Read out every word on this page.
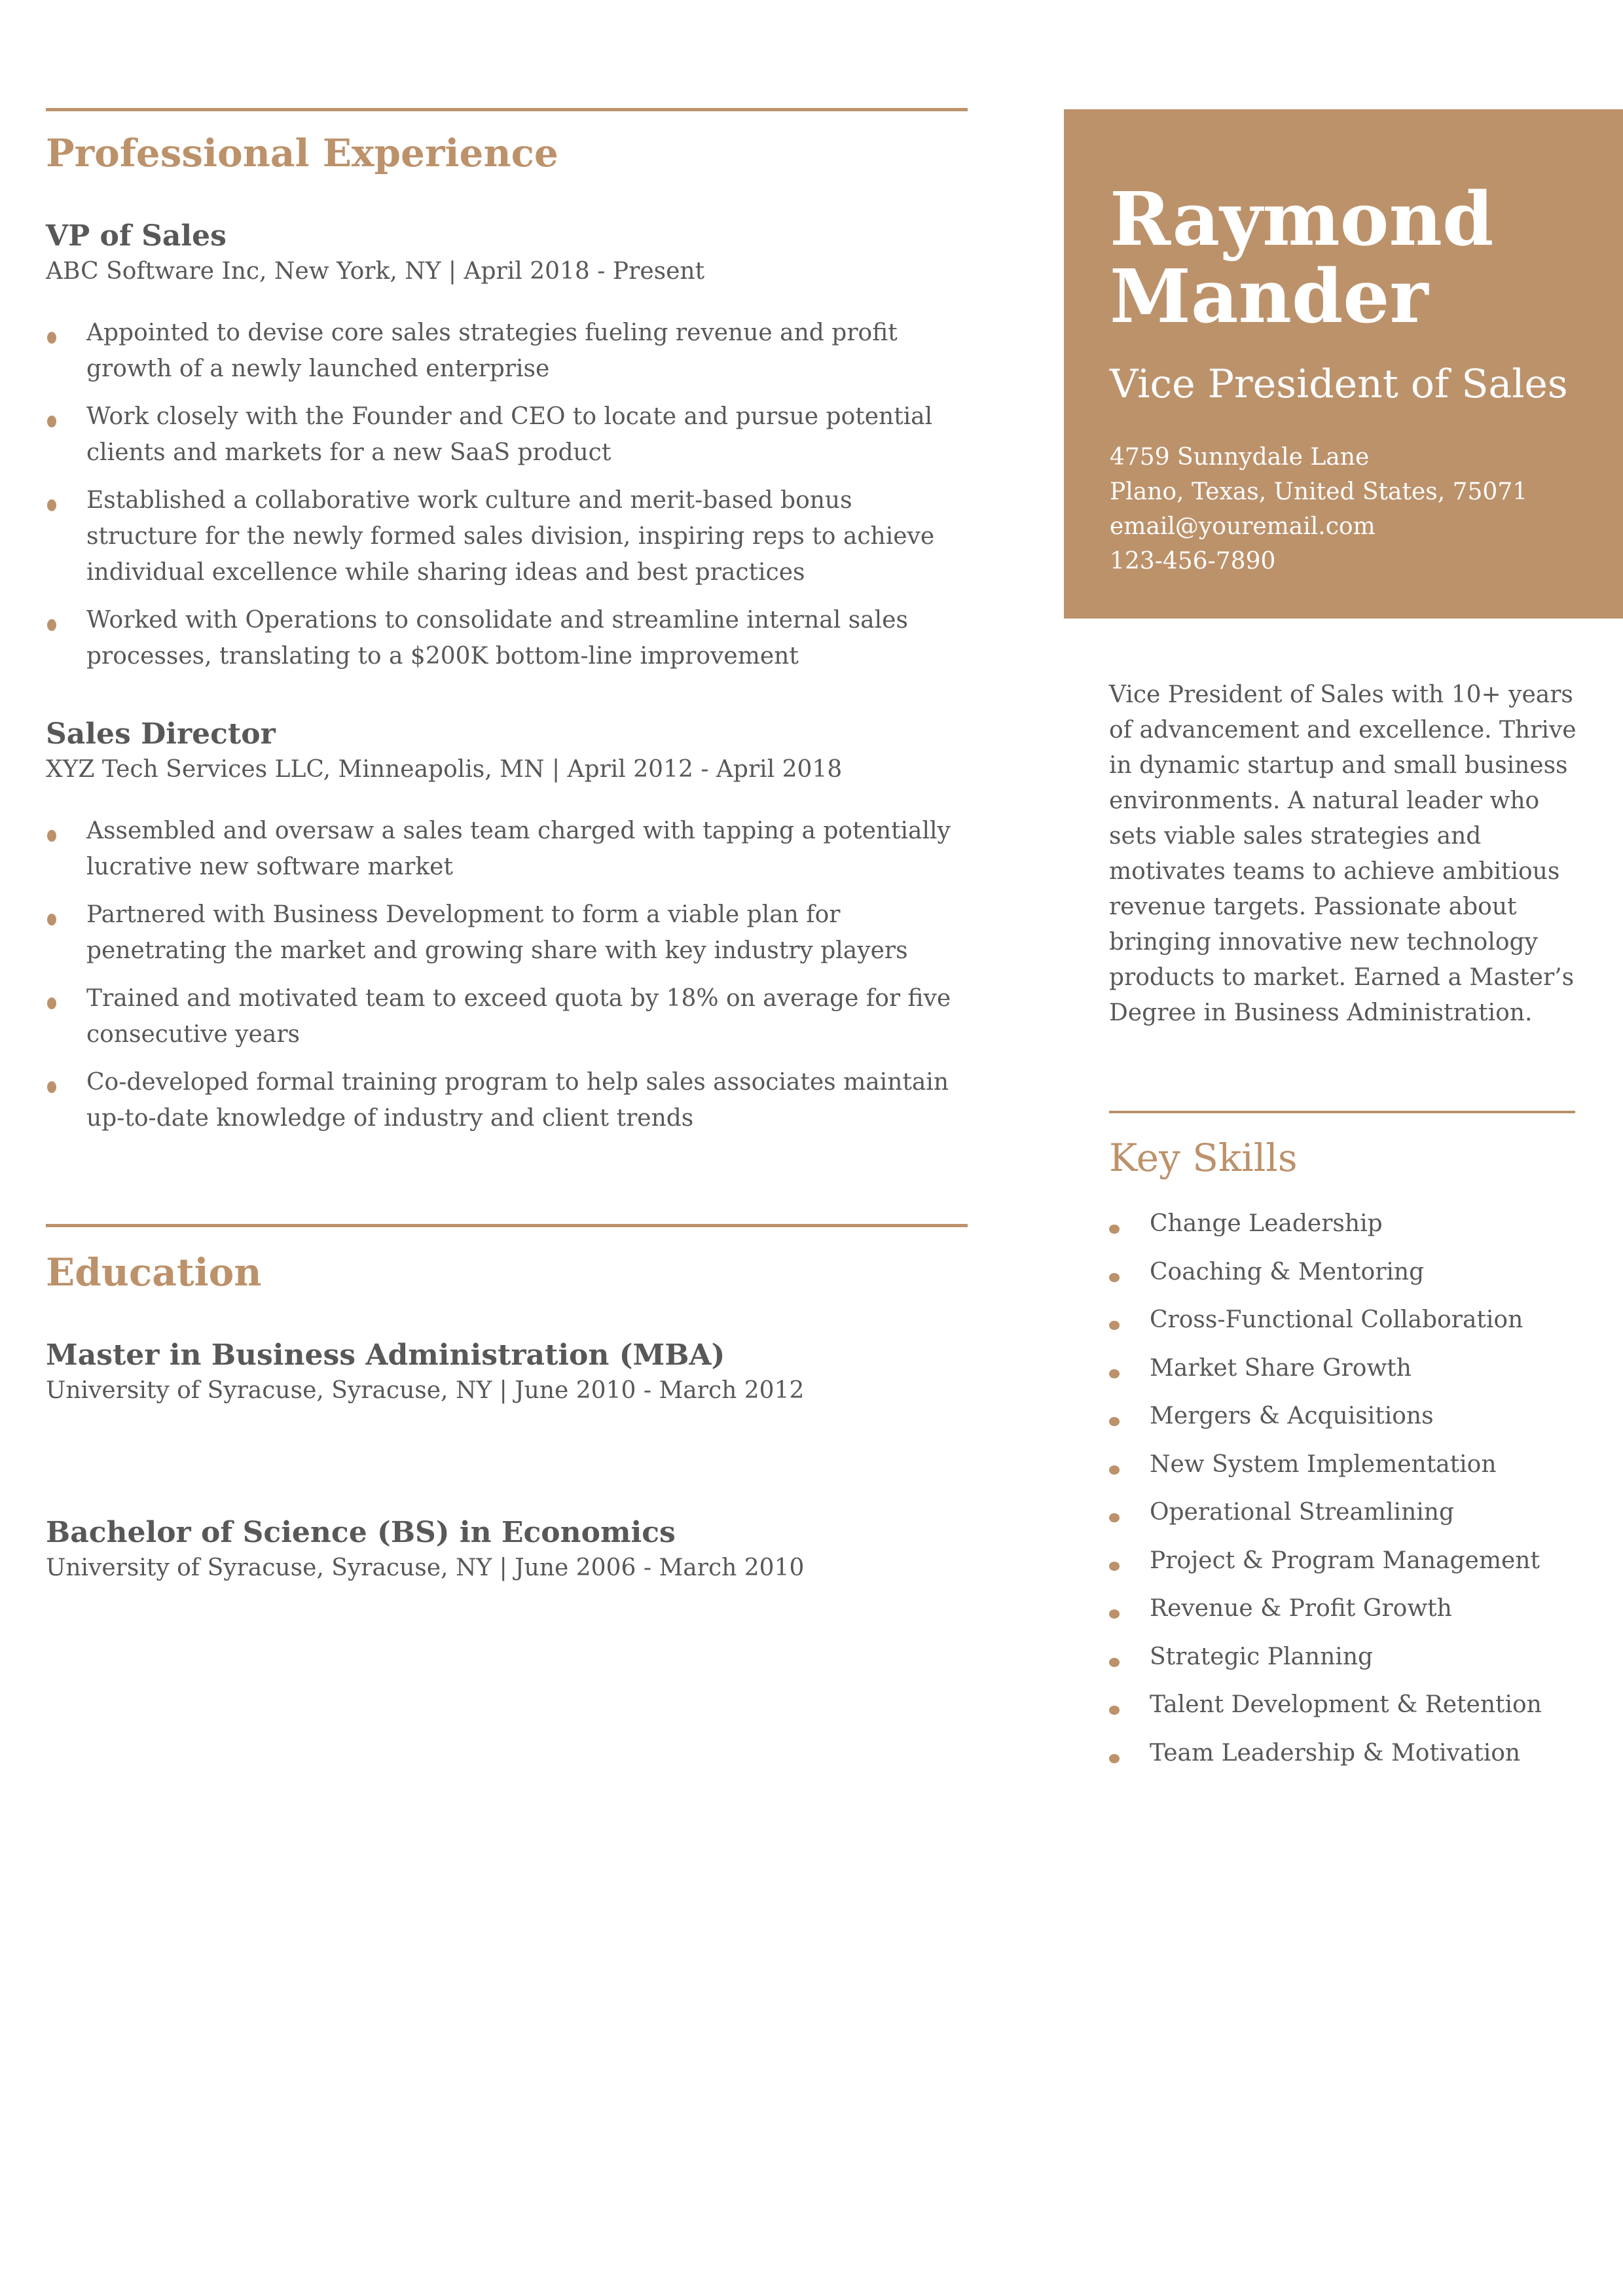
Professional Experience

VP of Sales

ABC Software Inc, New York, NY | April 2018 - Present

Appointed to devise core sales strategies fueling revenue and profit growth of a newly launched enterprise
Work closely with the Founder and CEO to locate and pursue potential clients and markets for a new SaaS product
Established a collaborative work culture and merit-based bonus structure for the newly formed sales division, inspiring reps to achieve individual excellence while sharing ideas and best practices
Worked with Operations to consolidate and streamline internal sales processes, translating to a $200K bottom-line improvement

Sales Director

XYZ Tech Services LLC, Minneapolis, MN | April 2012 - April 2018

Assembled and oversaw a sales team charged with tapping a potentially lucrative new software market
Partnered with Business Development to form a viable plan for penetrating the market and growing share with key industry players
Trained and motivated team to exceed quota by 18% on average for five consecutive years
Co-developed formal training program to help sales associates maintain up-to-date knowledge of industry and client trends
Education

Master in Business Administration (MBA)

University of Syracuse, Syracuse, NY | June 2010 - March 2012

Bachelor of Science (BS) in Economics

University of Syracuse, Syracuse, NY | June 2006 - March 2010

Raymond
Mander

Vice President of Sales

4759 Sunnydale Lane
Plano, Texas, United States, 75071
email@youremail.com
123-456-7890
Vice President of Sales with 10+ years of advancement and excellence. Thrive in dynamic startup and small business environments. A natural leader who sets viable sales strategies and motivates teams to achieve ambitious revenue targets. Passionate about bringing innovative new technology products to market. Earned a Master’s Degree in Business Administration.
Key Skills
Change Leadership
Coaching & Mentoring
Cross-Functional Collaboration
Market Share Growth
Mergers & Acquisitions
New System Implementation
Operational Streamlining
Project & Program Management
Revenue & Profit Growth
Strategic Planning
Talent Development & Retention
Team Leadership & Motivation
